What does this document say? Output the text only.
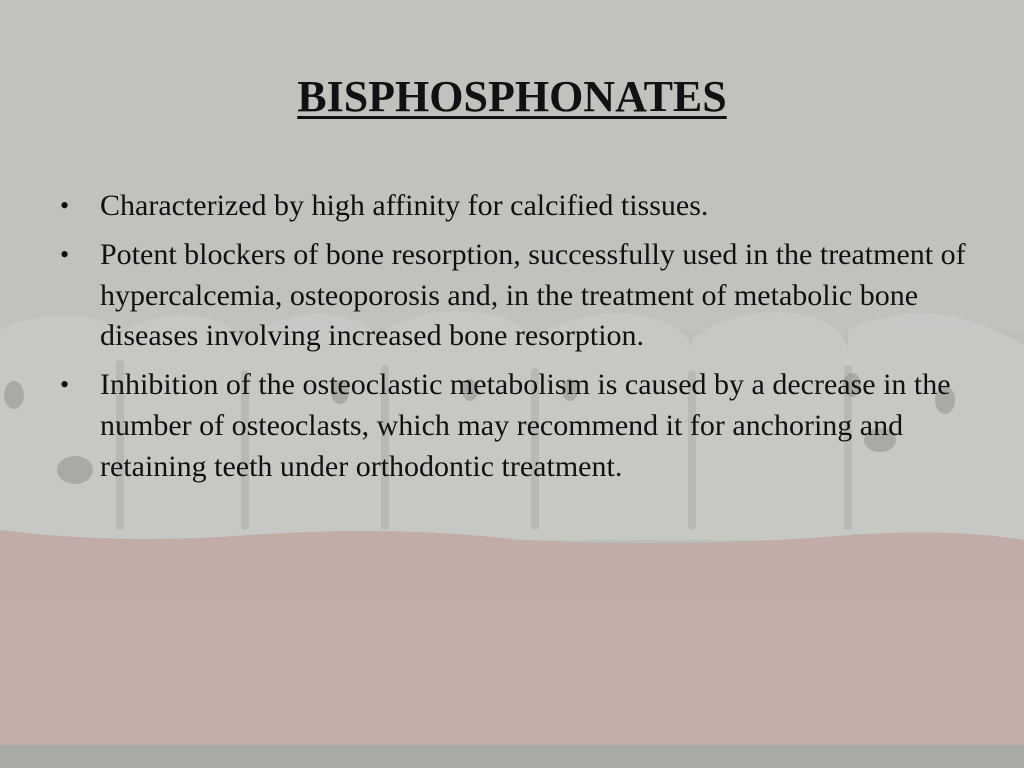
BISPHOSPHONATES
• Characterized by high affinity for calcified tissues.
• Potent blockers of bone resorption, successfully used in the treatment of hypercalcemia, osteoporosis and, in the treatment of metabolic bone diseases involving increased bone resorption.
• Inhibition of the osteoclastic metabolism is caused by a decrease in the number of osteoclasts, which may recommend it for anchoring and retaining teeth under orthodontic treatment.
